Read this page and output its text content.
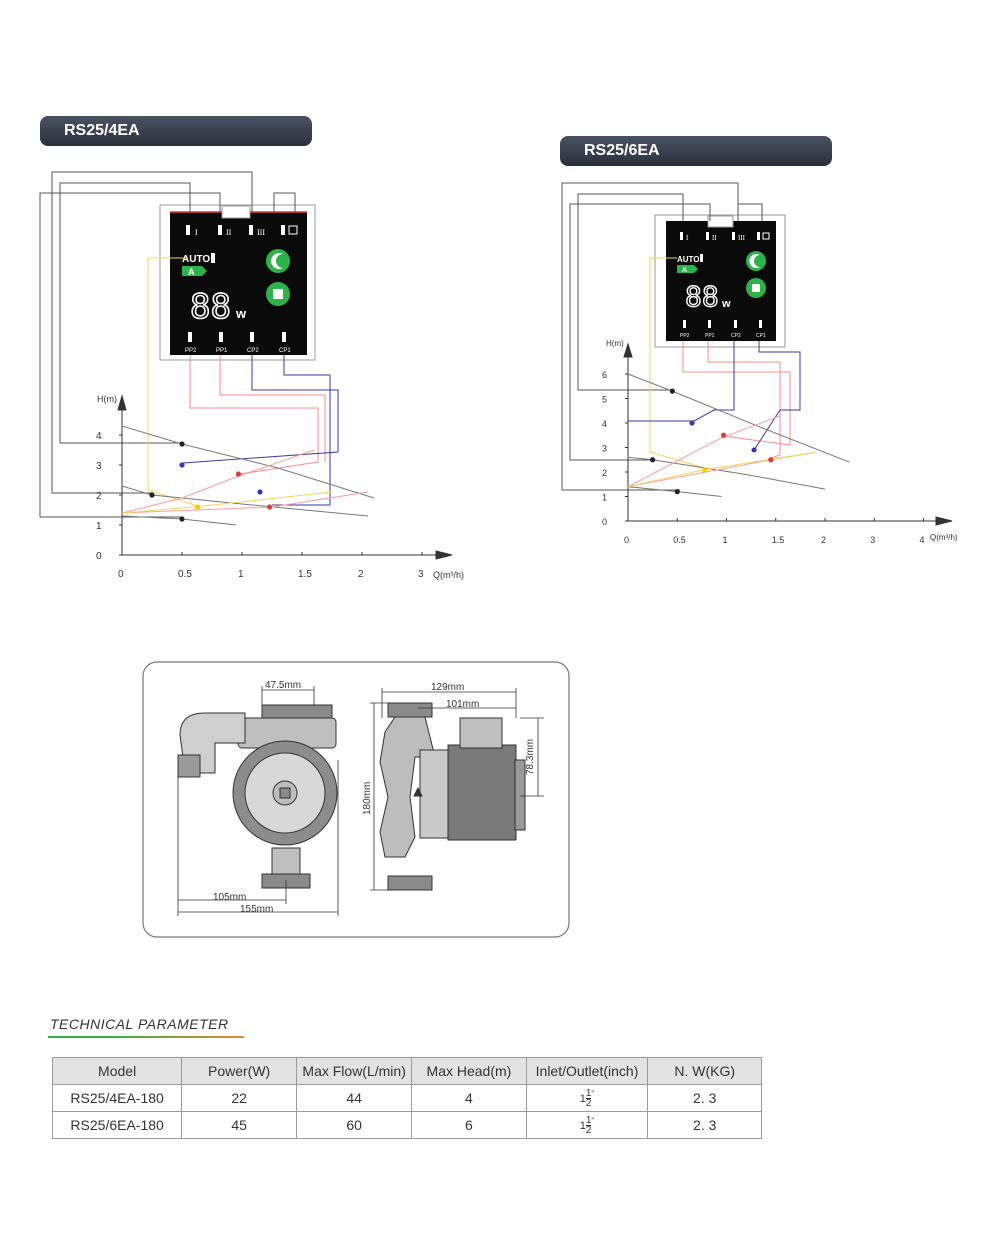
RS25/4EA
RS25/6EA
I	II	III
AUTO
A
88 w
PP2	PP1	CP2	CP1
0
1
2
3
4
0	0.5	1	1.5	2	3
H(m)
Q(m³/h)
I	II	III
AUTO
A
88 w
PP2	PP1	CP2	CP1
0
1
2
3
4
5
6
0	0.5	1	1.5	2	3	4
H(m)
Q(m³/h)
47.5mm
105mm
155mm
129mm
101mm
180mm
78.3mm
TECHNICAL PARAMETER
Model	Power(W)	Max Flow(L/min)	Max Head(m)	Inlet/Outlet(inch)	N. W(KG)
RS25/4EA-180	22	44	4	$1 \frac{1}{2} ^"$	2. 3
RS25/6EA-180	45	60	6	$1 \frac{1}{2} ^"$	2. 3
